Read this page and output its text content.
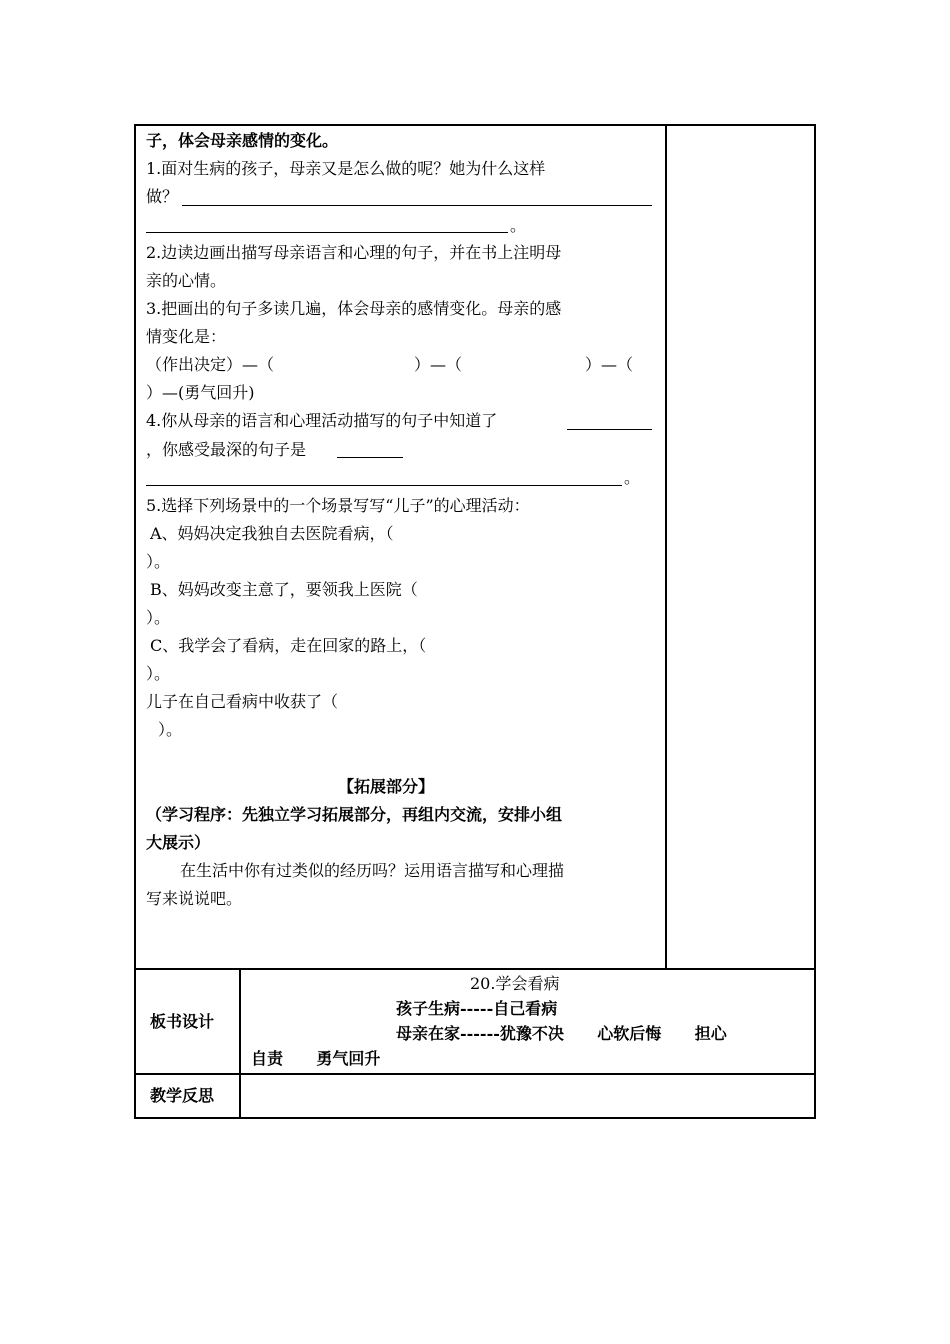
子，体会母亲感情的变化。
1.面对生病的孩子，母亲又是怎么做的呢？她为什么这样
做？
。
2.边读边画出描写母亲语言和心理的句子，并在书上注明母
亲的心情。
3.把画出的句子多读几遍，体会母亲的感情变化。母亲的感
情变化是：
（作出决定）—（	）—（	）—（
）—(勇气回升)
4.你从母亲的语言和心理活动描写的句子中知道了
，你感受最深的句子是
。
5.选择下列场景中的一个场景写写“儿子”的心理活动：
A、妈妈决定我独自去医院看病，（
）。
B、妈妈改变主意了，要领我上医院（
）。
C、我学会了看病，走在回家的路上，（
）。
儿子在自己看病中收获了（
）。
【拓展部分】
（学习程序：先独立学习拓展部分，再组内交流，安排小组
大展示）
在生活中你有过类似的经历吗？运用语言描写和心理描
写来说说吧。
板书设计
20.学会看病
孩子生病-----自己看病
母亲在家------犹豫不决      心软后悔      担心
自责      勇气回升
教学反思
